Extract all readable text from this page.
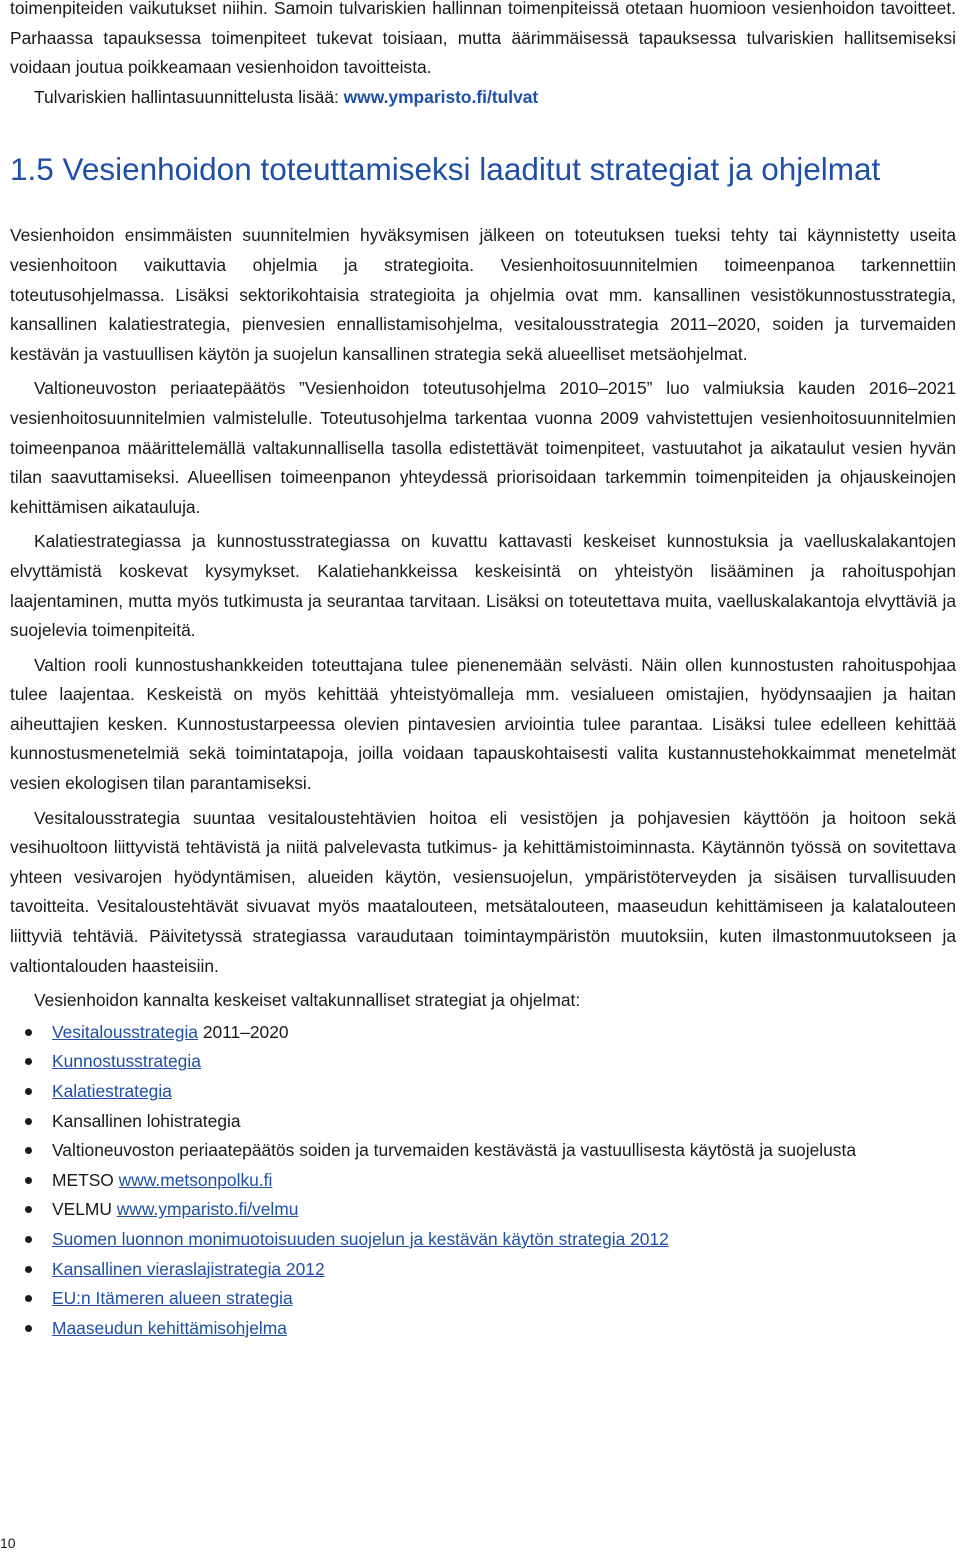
toimenpiteiden vaikutukset niihin. Samoin tulvariskien hallinnan toimenpiteissä otetaan huomioon vesienhoidon tavoitteet. Parhaassa tapauksessa toimenpiteet tukevat toisiaan, mutta äärimmäisessä tapauksessa tulvariskien hallitsemiseksi voidaan joutua poikkeamaan vesienhoidon tavoitteista.

Tulvariskien hallintasuunnittelusta lisää: www.ymparisto.fi/tulvat

1.5 Vesienhoidon toteuttamiseksi laaditut strategiat ja ohjelmat

Vesienhoidon ensimmäisten suunnitelmien hyväksymisen jälkeen on toteutuksen tueksi tehty tai käynnistetty useita vesienhoitoon vaikuttavia ohjelmia ja strategioita. Vesienhoitosuunnitelmien toimeenpanoa tarkennettiin toteutusohjelmassa. Lisäksi sektorikohtaisia strategioita ja ohjelmia ovat mm. kansallinen vesistökunnostusstrategia, kansallinen kalatiestrategia, pienvesien ennallistamisohjelma, vesitalousstrategia 2011–2020, soiden ja turvemaiden kestävän ja vastuullisen käytön ja suojelun kansallinen strategia sekä alueelliset metsäohjelmat.

Valtioneuvoston periaatepäätös ”Vesienhoidon toteutusohjelma 2010–2015” luo valmiuksia kauden 2016–2021 vesienhoitosuunnitelmien valmistelulle. Toteutusohjelma tarkentaa vuonna 2009 vahvistettujen vesienhoitosuunnitelmien toimeenpanoa määrittelemällä valtakunnallisella tasolla edistettävät toimenpiteet, vastuutahot ja aikataulut vesien hyvän tilan saavuttamiseksi. Alueellisen toimeenpanon yhteydessä priorisoidaan tarkemmin toimenpiteiden ja ohjauskeinojen kehittämisen aikatauluja.

Kalatiestrategiassa ja kunnostusstrategiassa on kuvattu kattavasti keskeiset kunnostuksia ja vaelluskalakantojen elvyttämistä koskevat kysymykset. Kalatiehankkeissa keskeisintä on yhteistyön lisääminen ja rahoituspohjan laajentaminen, mutta myös tutkimusta ja seurantaa tarvitaan. Lisäksi on toteutettava muita, vaelluskalakantoja elvyttäviä ja suojelevia toimenpiteitä.

Valtion rooli kunnostushankkeiden toteuttajana tulee pienenemään selvästi. Näin ollen kunnostusten rahoituspohjaa tulee laajentaa. Keskeistä on myös kehittää yhteistyömalleja mm. vesialueen omistajien, hyödynsaajien ja haitan aiheuttajien kesken. Kunnostustarpeessa olevien pintavesien arviointia tulee parantaa. Lisäksi tulee edelleen kehittää kunnostusmenetelmiä sekä toimintatapoja, joilla voidaan tapauskohtaisesti valita kustannustehokkaimmat menetelmät vesien ekologisen tilan parantamiseksi.

Vesitalousstrategia suuntaa vesitaloustehtävien hoitoa eli vesistöjen ja pohjavesien käyttöön ja hoitoon sekä vesihuoltoon liittyvistä tehtävistä ja niitä palvelevasta tutkimus- ja kehittämistoiminnasta. Käytännön työssä on sovitettava yhteen vesivarojen hyödyntämisen, alueiden käytön, vesiensuojelun, ympäristöterveyden ja sisäisen turvallisuuden tavoitteita. Vesitaloustehtävät sivuavat myös maatalouteen, metsätalouteen, maaseudun kehittämiseen ja kalatalouteen liittyviä tehtäviä. Päivitetyssä strategiassa varaudutaan toimintaympäristön muutoksiin, kuten ilmastonmuutokseen ja valtiontalouden haasteisiin.

Vesienhoidon kannalta keskeiset valtakunnalliset strategiat ja ohjelmat:

Vesitalousstrategia 2011–2020
Kunnostusstrategia
Kalatiestrategia
Kansallinen lohistrategia
Valtioneuvoston periaatepäätös soiden ja turvemaiden kestävästä ja vastuullisesta käytöstä ja suojelusta
METSO www.metsonpolku.fi
VELMU www.ymparisto.fi/velmu
Suomen luonnon monimuotoisuuden suojelun ja kestävän käytön strategia 2012
Kansallinen vieraslajistrategia 2012
EU:n Itämeren alueen strategia
Maaseudun kehittämisohjelma
10
